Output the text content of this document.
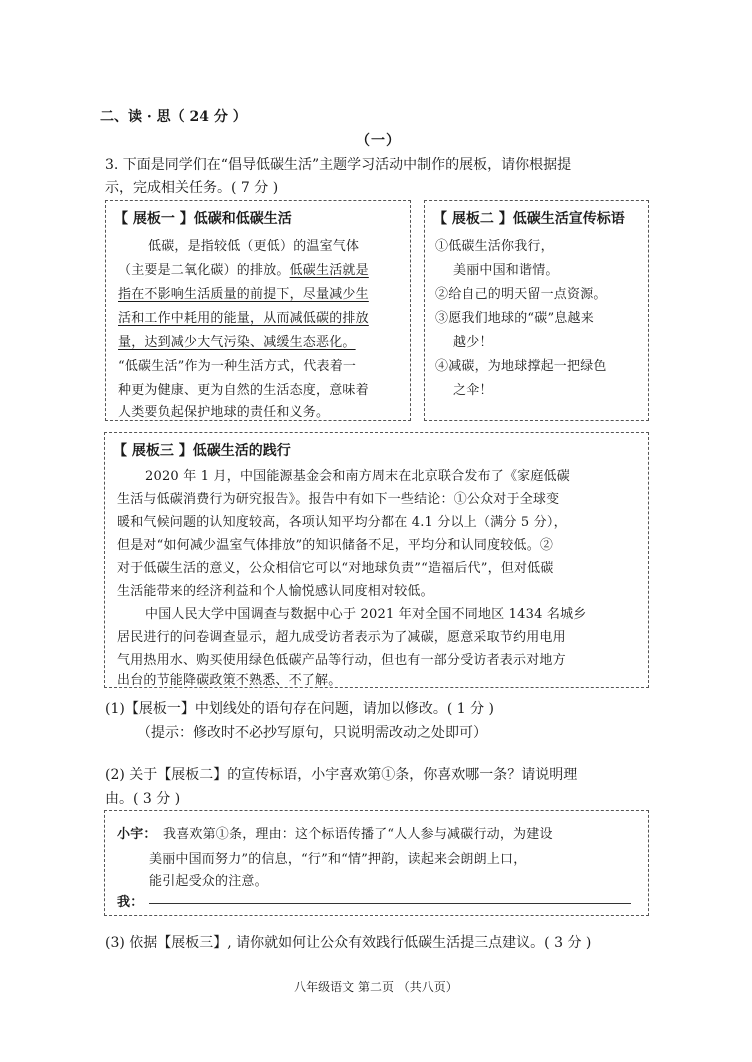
二、读 · 思（ 24 分 ）
（一）
3. 下面是同学们在“倡导低碳生活”主题学习活动中制作的展板，请你根据提
示，完成相关任务。( 7 分 )
【 展板一 】低碳和低碳生活
低碳，是指较低（更低）的温室气体
（主要是二氧化碳）的排放。低碳生活就是
指在不影响生活质量的前提下，尽量减少生
活和工作中耗用的能量，从而减低碳的排放
量，达到减少大气污染、减缓生态恶化。
“低碳生活”作为一种生活方式，代表着一
种更为健康、更为自然的生活态度，意味着
人类要负起保护地球的责任和义务。
【 展板二 】低碳生活宣传标语
①低碳生活你我行，
美丽中国和谐情。
②给自己的明天留一点资源。
③愿我们地球的“碳”息越来
越少！
④减碳，为地球撑起一把绿色
之伞！
【 展板三 】低碳生活的践行
2020 年 1 月，中国能源基金会和南方周末在北京联合发布了《家庭低碳
生活与低碳消费行为研究报告》。报告中有如下一些结论：①公众对于全球变
暖和气候问题的认知度较高，各项认知平均分都在 4.1 分以上（满分 5 分），
但是对“如何减少温室气体排放”的知识储备不足，平均分和认同度较低。②
对于低碳生活的意义，公众相信它可以“对地球负责”“造福后代”，但对低碳
生活能带来的经济利益和个人愉悦感认同度相对较低。
中国人民大学中国调查与数据中心于 2021 年对全国不同地区 1434 名城乡
居民进行的问卷调查显示，超九成受访者表示为了减碳，愿意采取节约用电用
气用热用水、购买使用绿色低碳产品等行动，但也有一部分受访者表示对地方
出台的节能降碳政策不熟悉、不了解。
(1)【展板一】中划线处的语句存在问题，请加以修改。( 1 分 )
（提示：修改时不必抄写原句，只说明需改动之处即可）
(2) 关于【展板二】的宣传标语，小宇喜欢第①条，你喜欢哪一条？请说明理
由。( 3 分 )
小宇： 我喜欢第①条，理由：这个标语传播了“人人参与减碳行动，为建设
美丽中国而努力”的信息，“行”和“情”押韵，读起来会朗朗上口，
能引起受众的注意。
我：
(3) 依据【展板三】, 请你就如何让公众有效践行低碳生活提三点建议。( 3 分 )
八年级语文 第二页 （共八页）
